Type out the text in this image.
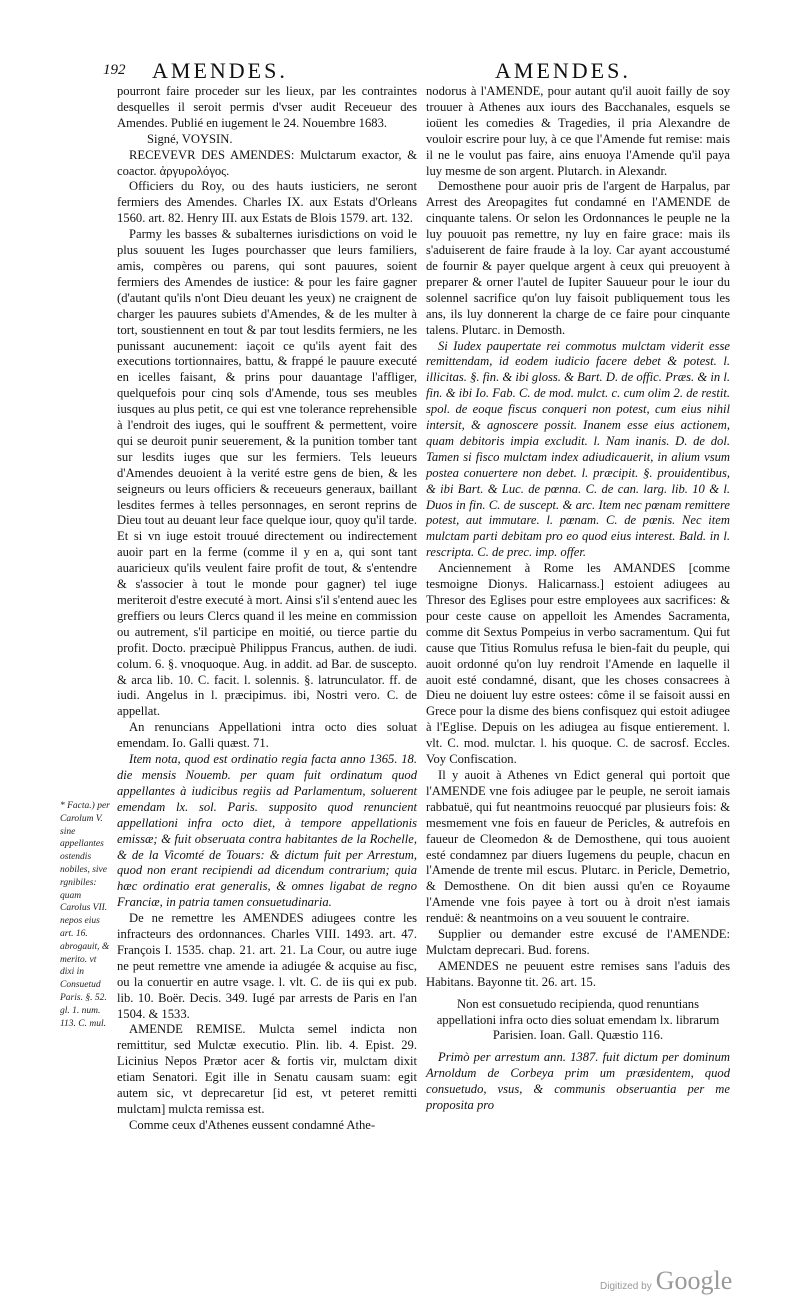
192 AMENDES.	AMENDES.

pourront faire proceder sur les lieux, par les contraintes desquelles il seroit permis d'vser audit Receueur des Amendes. Publié en iugement le 24. Nouembre 1683.

Signé, VOYSIN.

RECEVEVR DES AMENDES: Mulctarum exactor, & coactor. ἀργυρολόγος.

Officiers du Roy, ou des hauts iusticiers, ne seront fermiers des Amendes. Charles IX. aux Estats d'Orleans 1560. art. 82. Henry III. aux Estats de Blois 1579. art. 132.

Parmy les basses & subalternes iurisdictions on void le plus souuent les Iuges pourchasser que leurs familiers, amis, compères ou parens, qui sont pauures, soient fermiers des Amendes de iustice: & pour les faire gagner (d'autant qu'ils n'ont Dieu deuant les yeux) ne craignent de charger les pauures subiets d'Amendes, & de les multer à tort, soustiennent en tout & par tout lesdits fermiers, ne les punissant aucunement: iaçoit ce qu'ils ayent fait des executions tortionnaires, battu, & frappé le pauure executé en icelles faisant, & prins pour dauantage l'affliger, quelquefois pour cinq sols d'Amende, tous ses meubles iusques au plus petit, ce qui est vne tolerance reprehensible à l'endroit des iuges, qui le souffrent & permettent, voire qui se deuroit punir seuerement, & la punition tomber tant sur lesdits iuges que sur les fermiers. Tels leueurs d'Amendes deuoient à la verité estre gens de bien, & les seigneurs ou leurs officiers & receueurs generaux, baillant lesdites fermes à telles personnages, en seront reprins de Dieu tout au deuant leur face quelque iour, quoy qu'il tarde. Et si vn iuge estoit trouué directement ou indirectement auoir part en la ferme (comme il y en a, qui sont tant auaricieux qu'ils veulent faire profit de tout, & s'entendre & s'associer à tout le monde pour gagner) tel iuge meriteroit d'estre executé à mort. Ainsi s'il s'entend auec les greffiers ou leurs Clercs quand il les meine en commission ou autrement, s'il participe en moitié, ou tierce partie du profit. Docto. præcipuè Philippus Francus, authen. de iudi. colum. 6. §. vnoquoque. Aug. in addit. ad Bar. de suscepto. & arca lib. 10. C. facit. l. solennis. §. latrunculator. ff. de iudi. Angelus in l. præcipimus. ibi, Nostri vero. C. de appellat.

An renuncians Appellationi intra octo dies soluat emendam. Io. Galli quæst. 71.

Item nota, quod est ordinatio regia facta anno 1365. 18. die mensis Nouemb. per quam fuit ordinatum quod appellantes à iudicibus regiis ad Parlamentum, soluerent emendam lx. sol. Paris. supposito quod renuncient appellationi infra octo diet, à tempore appellationis emissæ; & fuit obseruata contra habitantes de la Rochelle, & de la Vicomté de Touars: & dictum fuit per Arrestum, quod non erant recipiendi ad dicendum contrarium; quia hæc ordinatio erat generalis, & omnes ligabat de regno Franciæ, in patria tamen consuetudinaria.

De ne remettre les AMENDES adiugees contre les infracteurs des ordonnances. Charles VIII. 1493. art. 47. François I. 1535. chap. 21. art. 21. La Cour, ou autre iuge ne peut remettre vne amende ia adiugée & acquise au fisc, ou la conuertir en autre vsage. l. vlt. C. de iis qui ex pub. lib. 10. Boër. Decis. 349. Iugé par arrests de Paris en l'an 1504. & 1533.

AMENDE REMISE. Mulcta semel indicta non remittitur, sed Mulctæ executio. Plin. lib. 4. Epist. 29. Licinius Nepos Prætor acer & fortis vir, mulctam dixit etiam Senatori. Egit ille in Senatu causam suam: egit autem sic, vt deprecaretur [id est, vt peteret remitti mulctam] mulcta remissa est.

Comme ceux d'Athenes eussent condamné Athe-

* Facta.) per Carolum V. sine appellantes ostendis nobiles, sive rgnibiles: quam Carolus VII. nepos eius art. 16. abrogauit, & merito. vt dixi in Consuetud Paris. §. 52. gl. 1. num. 113. C. mul.

nodorus à l'AMENDE, pour autant qu'il auoit failly de soy trouuer à Athenes aux iours des Bacchanales, esquels se ioüent les comedies & Tragedies, il pria Alexandre de vouloir escrire pour luy, à ce que l'Amende fut remise: mais il ne le voulut pas faire, ains enuoya l'Amende qu'il paya luy mesme de son argent. Plutarch. in Alexandr.

Demosthene pour auoir pris de l'argent de Harpalus, par Arrest des Areopagites fut condamné en l'AMENDE de cinquante talens. Or selon les Ordonnances le peuple ne la luy pouuoit pas remettre, ny luy en faire grace: mais ils s'aduiserent de faire fraude à la loy. Car ayant accoustumé de fournir & payer quelque argent à ceux qui preuoyent à preparer & orner l'autel de Iupiter Sauueur pour le iour du solennel sacrifice qu'on luy faisoit publiquement tous les ans, ils luy donnerent la charge de ce faire pour cinquante talens. Plutarc. in Demosth.

Si Iudex paupertate rei commotus mulctam viderit esse remittendam, id eodem iudicio facere debet & potest. l. illicitas. §. fin. & ibi gloss. & Bart. D. de offic. Præs. & in l. fin. & ibi Io. Fab. C. de mod. mulct. c. cum olim 2. de restit. spol. de eoque fiscus conqueri non potest, cum eius nihil intersit, & agnoscere possit. Inanem esse eius actionem, quam debitoris impia excludit. l. Nam inanis. D. de dol. Tamen si fisco mulctam index adiudicauerit, in alium vsum postea conuertere non debet. l. præcipit. §. prouidentibus, & ibi Bart. & Luc. de pœnna. C. de can. larg. lib. 10 & l. Duos in fin. C. de suscept. & arc. Item nec pœnam remittere potest, aut immutare. l. pœnam. C. de pœnis. Nec item mulctam parti debitam pro eo quod eius interest. Bald. in l. rescripta. C. de prec. imp. offer.

Anciennement à Rome les AMANDES [comme tesmoigne Dionys. Halicarnass.] estoient adiugees au Thresor des Eglises pour estre employees aux sacrifices: & pour ceste cause on appelloit les Amendes Sacramenta, comme dit Sextus Pompeius in verbo sacramentum. Qui fut cause que Titius Romulus refusa le bien-fait du peuple, qui auoit ordonné qu'on luy rendroit l'Amende en laquelle il auoit esté condamné, disant, que les choses consacrees à Dieu ne doiuent luy estre ostees: côme il se faisoit aussi en Grece pour la disme des biens confisquez qui estoit adiugee à l'Eglise. Depuis on les adiugea au fisque entierement. l. vlt. C. mod. mulctar. l. his quoque. C. de sacrosf. Eccles. Voy Confiscation.

Il y auoit à Athenes vn Edict general qui portoit que l'AMENDE vne fois adiugee par le peuple, ne seroit iamais rabbatuë, qui fut neantmoins reuocqué par plusieurs fois: & mesmement vne fois en faueur de Pericles, & autrefois en faueur de Cleomedon & de Demosthene, qui tous auoient esté condamnez par diuers Iugemens du peuple, chacun en l'Amende de trente mil escus. Plutarc. in Pericle, Demetrio, & Demosthene. On dit bien aussi qu'en ce Royaume l'Amende vne fois payee à tort ou à droit n'est iamais renduë: & neantmoins on a veu souuent le contraire.

Supplier ou demander estre excusé de l'AMENDE: Mulctam deprecari. Bud. forens.

AMENDES ne peuuent estre remises sans l'aduis des Habitans. Bayonne tit. 26. art. 15.

Non est consuetudo recipienda, quod renuntians appellationi infra octo dies soluat emendam lx. librarum Parisien. Ioan. Gall. Quæstio 116.

Primò per arrestum ann. 1387. fuit dictum per dominum Arnoldum de Corbeya prim um præsidentem, quod consuetudo, vsus, & communis obseruantia per me proposita pro

Digitized by Google
